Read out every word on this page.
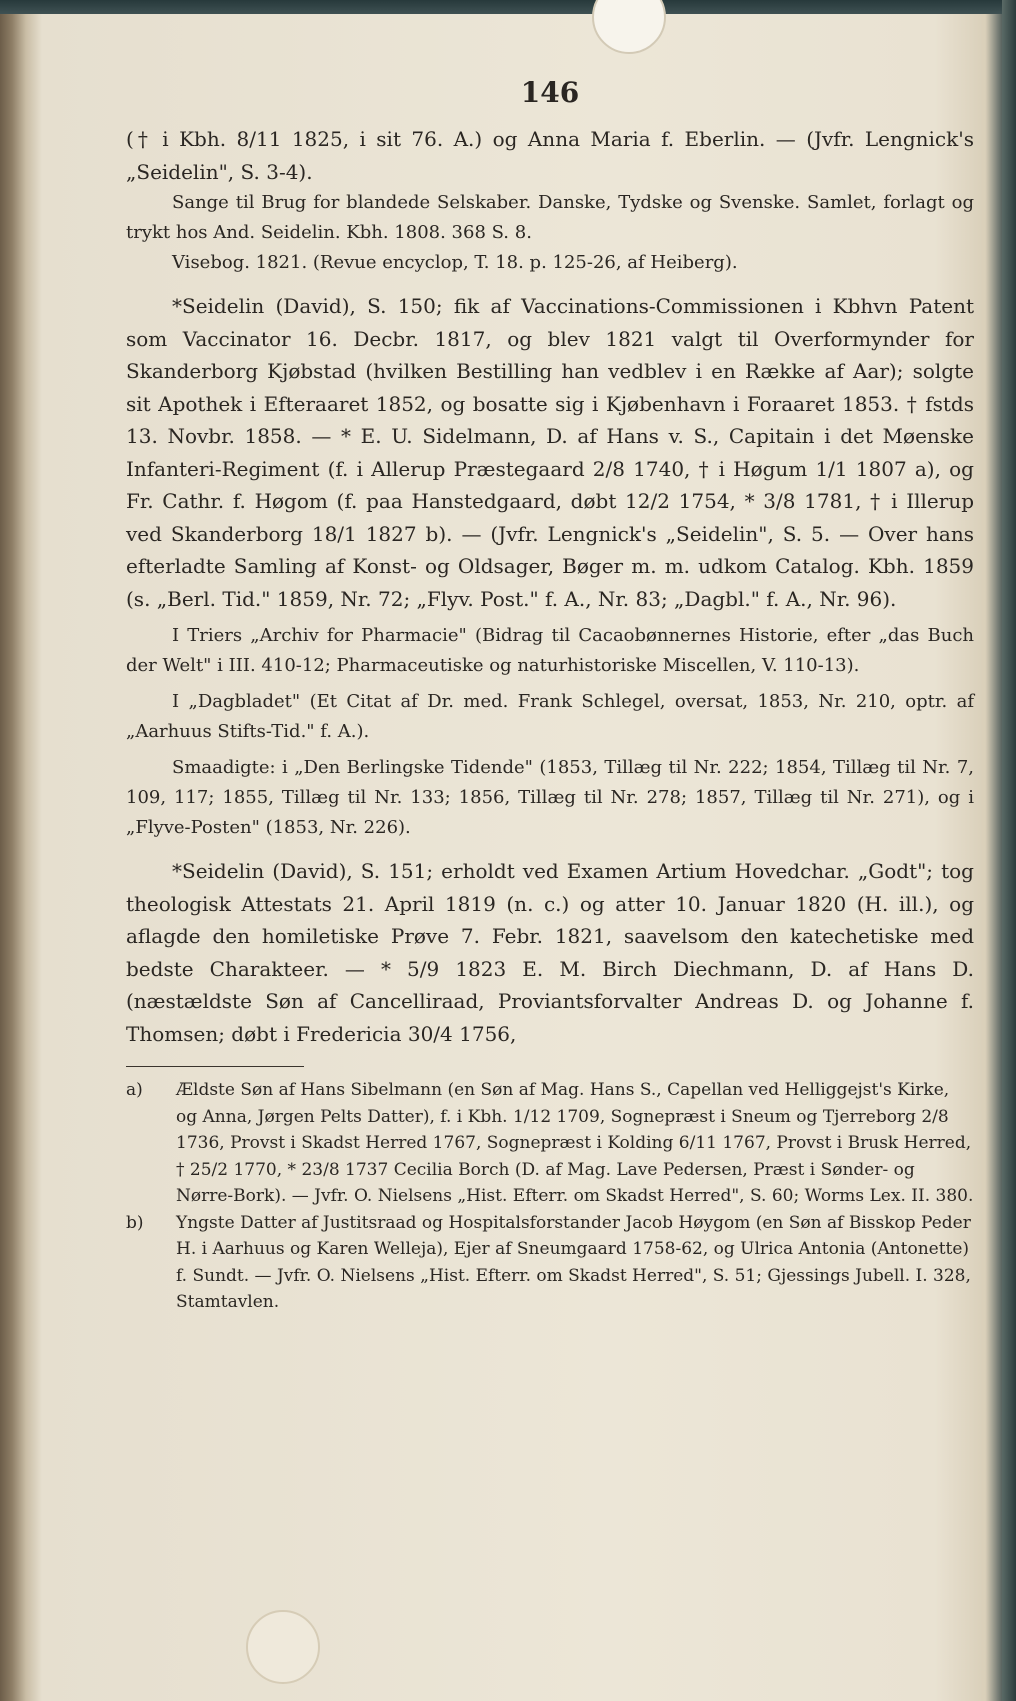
146

(† i Kbh. 8/11 1825, i sit 76. A.) og Anna Maria f. Eberlin. — (Jvfr. Lengnick's „Seidelin", S. 3-4).

Sange til Brug for blandede Selskaber. Danske, Tydske og Svenske. Samlet, forlagt og trykt hos And. Seidelin. Kbh. 1808. 368 S. 8.

Visebog. 1821. (Revue encyclop, T. 18. p. 125-26, af Heiberg).

*Seidelin (David), S. 150; fik af Vaccinations-Commissionen i Kbhvn Patent som Vaccinator 16. Decbr. 1817, og blev 1821 valgt til Overformynder for Skanderborg Kjøbstad (hvilken Bestilling han vedblev i en Række af Aar); solgte sit Apothek i Efteraaret 1852, og bosatte sig i Kjøbenhavn i Foraaret 1853. † fstds 13. Novbr. 1858. — * E. U. Sidelmann, D. af Hans v. S., Capitain i det Møenske Infanteri-Regiment (f. i Allerup Præstegaard 2/8 1740, † i Høgum 1/1 1807 a), og Fr. Cathr. f. Høgom (f. paa Hanstedgaard, døbt 12/2 1754, * 3/8 1781, † i Illerup ved Skanderborg 18/1 1827 b). — (Jvfr. Lengnick's „Seidelin", S. 5. — Over hans efterladte Samling af Konst- og Oldsager, Bøger m. m. udkom Catalog. Kbh. 1859 (s. „Berl. Tid." 1859, Nr. 72; „Flyv. Post." f. A., Nr. 83; „Dagbl." f. A., Nr. 96).

I Triers „Archiv for Pharmacie" (Bidrag til Cacaobønnernes Historie, efter „das Buch der Welt" i III. 410-12; Pharmaceutiske og naturhistoriske Miscellen, V. 110-13).

I „Dagbladet" (Et Citat af Dr. med. Frank Schlegel, oversat, 1853, Nr. 210, optr. af „Aarhuus Stifts-Tid." f. A.).

Smaadigte: i „Den Berlingske Tidende" (1853, Tillæg til Nr. 222; 1854, Tillæg til Nr. 7, 109, 117; 1855, Tillæg til Nr. 133; 1856, Tillæg til Nr. 278; 1857, Tillæg til Nr. 271), og i „Flyve-Posten" (1853, Nr. 226).

*Seidelin (David), S. 151; erholdt ved Examen Artium Hovedchar. „Godt"; tog theologisk Attestats 21. April 1819 (n. c.) og atter 10. Januar 1820 (H. ill.), og aflagde den homiletiske Prøve 7. Febr. 1821, saavelsom den katechetiske med bedste Charakteer. — * 5/9 1823 E. M. Birch Diechmann, D. af Hans D. (næstældste Søn af Cancelliraad, Proviantsforvalter Andreas D. og Johanne f. Thomsen; døbt i Fredericia 30/4 1756,

a) Ældste Søn af Hans Sibelmann (en Søn af Mag. Hans S., Capellan ved Helliggejst's Kirke, og Anna, Jørgen Pelts Datter), f. i Kbh. 1/12 1709, Sognepræst i Sneum og Tjerreborg 2/8 1736, Provst i Skadst Herred 1767, Sognepræst i Kolding 6/11 1767, Provst i Brusk Herred, † 25/2 1770, * 23/8 1737 Cecilia Borch (D. af Mag. Lave Pedersen, Præst i Sønder- og Nørre-Bork). — Jvfr. O. Nielsens „Hist. Efterr. om Skadst Herred", S. 60; Worms Lex. II. 380.
b) Yngste Datter af Justitsraad og Hospitalsforstander Jacob Høygom (en Søn af Bisskop Peder H. i Aarhuus og Karen Welleja), Ejer af Sneumgaard 1758-62, og Ulrica Antonia (Antonette) f. Sundt. — Jvfr. O. Nielsens „Hist. Efterr. om Skadst Herred", S. 51; Gjessings Jubell. I. 328, Stamtavlen.
